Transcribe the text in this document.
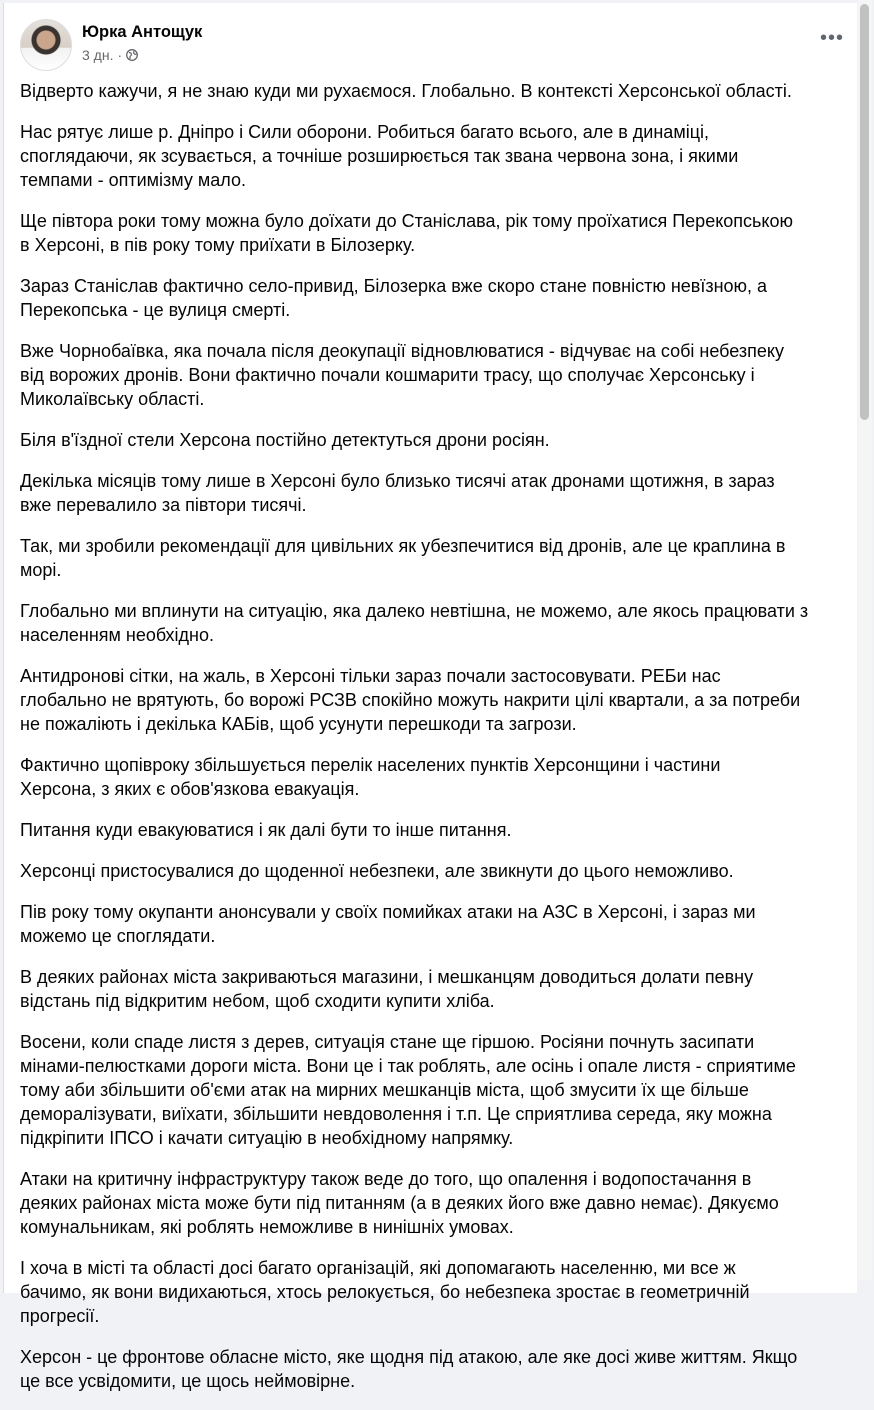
Юрка Антощук
3 дн. ·
•••
Відверто кажучи, я не знаю куди ми рухаємося. Глобально. В контексті Херсонської області.
Нас рятує лише р. Дніпро і Сили оборони. Робиться багато всього, але в динаміці,
споглядаючи, як зсувається, а точніше розширюється так звана червона зона, і якими
темпами - оптимізму мало.
Ще півтора роки тому можна було доїхати до Станіслава, рік тому проїхатися Перекопською
в Херсоні, в пів року тому приїхати в Білозерку.
Зараз Станіслав фактично село-привид, Білозерка вже скоро стане повністю невїзною, а
Перекопська - це вулиця смерті.
Вже Чорнобаївка, яка почала після деокупації відновлюватися - відчуває на собі небезпеку
від ворожих дронів. Вони фактично почали кошмарити трасу, що сполучає Херсонську і
Миколаївську області.
Біля в'їздної стели Херсона постійно детектуться дрони росіян.
Декілька місяців тому лише в Херсоні було близько тисячі атак дронами щотижня, в зараз
вже перевалило за півтори тисячі.
Так, ми зробили рекомендації для цивільних як убезпечитися від дронів, але це краплина в
морі.
Глобально ми вплинути на ситуацію, яка далеко невтішна, не можемо, але якось працювати з
населенням необхідно.
Антидронові сітки, на жаль, в Херсоні тільки зараз почали застосовувати. РЕБи нас
глобально не врятують, бо ворожі РСЗВ спокійно можуть накрити цілі квартали, а за потреби
не пожаліють і декілька КАБів, щоб усунути перешкоди та загрози.
Фактично щопівроку збільшується перелік населених пунктів Херсонщини і частини
Херсона, з яких є обов'язкова евакуація.
Питання куди евакуюватися і як далі бути то інше питання.
Херсонці пристосувалися до щоденної небезпеки, але звикнути до цього неможливо.
Пів року тому окупанти анонсували у своїх помийках атаки на АЗС в Херсоні, і зараз ми
можемо це споглядати.
В деяких районах міста закриваються магазини, і мешканцям доводиться долати певну
відстань під відкритим небом, щоб сходити купити хліба.
Восени, коли спаде листя з дерев, ситуація стане ще гіршою. Росіяни почнуть засипати
мінами-пелюстками дороги міста. Вони це і так роблять, але осінь і опале листя - сприятиме
тому аби збільшити об'єми атак на мирних мешканців міста, щоб змусити їх ще більше
деморалізувати, виїхати, збільшити невдоволення і т.п. Це сприятлива середа, яку можна
підкріпити ІПСО і качати ситуацію в необхідному напрямку.
Атаки на критичну інфраструктуру також веде до того, що опалення і водопостачання в
деяких районах міста може бути під питанням (а в деяких його вже давно немає). Дякуємо
комунальникам, які роблять неможливе в нинішніх умовах.
І хоча в місті та області досі багато організацій, які допомагають населенню, ми все ж
бачимо, як вони видихаються, хтось релокується, бо небезпека зростає в геометричній
прогресії.
Херсон - це фронтове обласне місто, яке щодня під атакою, але яке досі живе життям. Якщо
це все усвідомити, це щось неймовірне.
